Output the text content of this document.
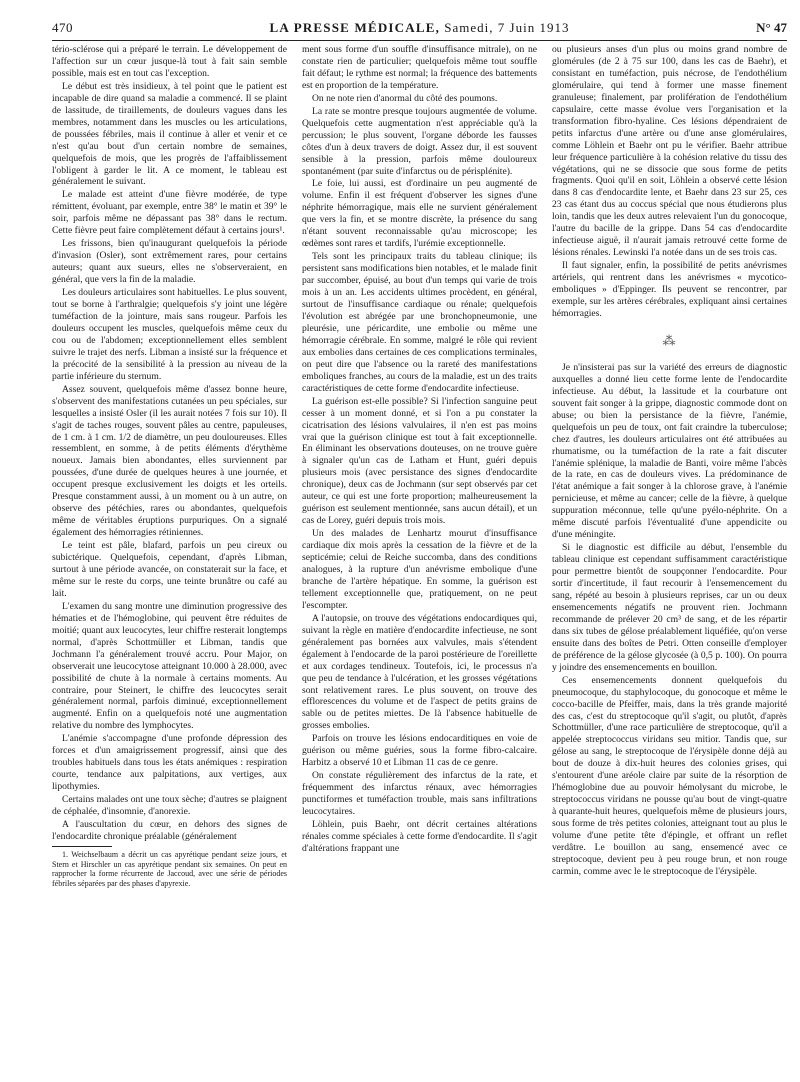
470	LA PRESSE MÉDICALE, Samedi, 7 Juin 1913	N° 47

tério-sclérose qui a préparé le terrain. Le développement de l'affection sur un cœur jusque-là tout à fait sain semble possible, mais est en tout cas l'exception.

Le début est très insidieux, à tel point que le patient est incapable de dire quand sa maladie a commencé. Il se plaint de lassitude, de tiraillements, de douleurs vagues dans les membres, notamment dans les muscles ou les articulations, de poussées fébriles, mais il continue à aller et venir et ce n'est qu'au bout d'un certain nombre de semaines, quelquefois de mois, que les progrès de l'affaiblissement l'obligent à garder le lit. A ce moment, le tableau est généralement le suivant.

Le malade est atteint d'une fièvre modérée, de type rémittent, évoluant, par exemple, entre 38° le matin et 39° le soir, parfois même ne dépassant pas 38° dans le rectum. Cette fièvre peut faire complètement défaut à certains jours¹.

Les frissons, bien qu'inaugurant quelquefois la période d'invasion (Osler), sont extrêmement rares, pour certains auteurs; quant aux sueurs, elles ne s'observeraient, en général, que vers la fin de la maladie.

Les douleurs articulaires sont habituelles. Le plus souvent, tout se borne à l'arthralgie; quelquefois s'y joint une légère tuméfaction de la jointure, mais sans rougeur. Parfois les douleurs occupent les muscles, quelquefois même ceux du cou ou de l'abdomen; exceptionnellement elles semblent suivre le trajet des nerfs. Libman a insisté sur la fréquence et la précocité de la sensibilité à la pression au niveau de la partie inférieure du sternum.

Assez souvent, quelquefois même d'assez bonne heure, s'observent des manifestations cutanées un peu spéciales, sur lesquelles a insisté Osler (il les aurait notées 7 fois sur 10). Il s'agit de taches rouges, souvent pâles au centre, papuleuses, de 1 cm. à 1 cm. 1/2 de diamètre, un peu douloureuses. Elles ressemblent, en somme, à de petits éléments d'érythème noueux. Jamais bien abondantes, elles surviennent par poussées, d'une durée de quelques heures à une journée, et occupent presque exclusivement les doigts et les orteils. Presque constamment aussi, à un moment ou à un autre, on observe des pétéchies, rares ou abondantes, quelquefois même de véritables éruptions purpuriques. On a signalé également des hémorragies rétiniennes.

Le teint est pâle, blafard, parfois un peu cireux ou subictérique. Quelquefois, cependant, d'après Libman, surtout à une période avancée, on constaterait sur la face, et même sur le reste du corps, une teinte brunâtre ou café au lait.

L'examen du sang montre une diminution progressive des hématies et de l'hémoglobine, qui peuvent être réduites de moitié; quant aux leucocytes, leur chiffre resterait longtemps normal, d'après Schottmüller et Libman, tandis que Jochmann l'a généralement trouvé accru. Pour Major, on observerait une leucocytose atteignant 10.000 à 28.000, avec possibilité de chute à la normale à certains moments. Au contraire, pour Steinert, le chiffre des leucocytes serait généralement normal, parfois diminué, exceptionnellement augmenté. Enfin on a quelquefois noté une augmentation relative du nombre des lymphocytes.

L'anémie s'accompagne d'une profonde dépression des forces et d'un amaigrissement progressif, ainsi que des troubles habituels dans tous les états anémiques : respiration courte, tendance aux palpitations, aux vertiges, aux lipothymies.

Certains malades ont une toux sèche; d'autres se plaignent de céphalée, d'insomnie, d'anorexie.

A l'auscultation du cœur, en dehors des signes de l'endocardite chronique préalable (généralement

1. Weichselbaum a décrit un cas apyrétique pendant seize jours, et Stern et Hirschler un cas apyrétique pendant six semaines. On peut en rapprocher la forme récurrente de Jaccoud, avec une série de périodes fébriles séparées par des phases d'apyrexie.

ment sous forme d'un souffle d'insuffisance mitrale), on ne constate rien de particulier; quelquefois même tout souffle fait défaut; le rythme est normal; la fréquence des battements est en proportion de la température.

On ne note rien d'anormal du côté des poumons.

La rate se montre presque toujours augmentée de volume. Quelquefois cette augmentation n'est appréciable qu'à la percussion; le plus souvent, l'organe déborde les fausses côtes d'un à deux travers de doigt. Assez dur, il est souvent sensible à la pression, parfois même douloureux spontanément (par suite d'infarctus ou de périsplénite).

Le foie, lui aussi, est d'ordinaire un peu augmenté de volume. Enfin il est fréquent d'observer les signes d'une néphrite hémorragique, mais elle ne survient généralement que vers la fin, et se montre discrète, la présence du sang n'étant souvent reconnaissable qu'au microscope; les œdèmes sont rares et tardifs, l'urémie exceptionnelle.

Tels sont les principaux traits du tableau clinique; ils persistent sans modifications bien notables, et le malade finit par succomber, épuisé, au bout d'un temps qui varie de trois mois à un an. Les accidents ultimes procèdent, en général, surtout de l'insuffisance cardiaque ou rénale; quelquefois l'évolution est abrégée par une bronchopneumonie, une pleurésie, une péricardite, une embolie ou même une hémorragie cérébrale. En somme, malgré le rôle qui revient aux embolies dans certaines de ces complications terminales, on peut dire que l'absence ou la rareté des manifestations emboliques franches, au cours de la maladie, est un des traits caractéristiques de cette forme d'endocardite infectieuse.

La guérison est-elle possible? Si l'infection sanguine peut cesser à un moment donné, et si l'on a pu constater la cicatrisation des lésions valvulaires, il n'en est pas moins vrai que la guérison clinique est tout à fait exceptionnelle. En éliminant les observations douteuses, on ne trouve guère à signaler qu'un cas de Latham et Hunt, guéri depuis plusieurs mois (avec persistance des signes d'endocardite chronique), deux cas de Jochmann (sur sept observés par cet auteur, ce qui est une forte proportion; malheureusement la guérison est seulement mentionnée, sans aucun détail), et un cas de Lorey, guéri depuis trois mois.

Un des malades de Lenhartz mourut d'insuffisance cardiaque dix mois après la cessation de la fièvre et de la septicémie; celui de Reiche succomba, dans des conditions analogues, à la rupture d'un anévrisme embolique d'une branche de l'artère hépatique. En somme, la guérison est tellement exceptionnelle que, pratiquement, on ne peut l'escompter.

A l'autopsie, on trouve des végétations endocardiques qui, suivant la règle en matière d'endocardite infectieuse, ne sont généralement pas bornées aux valvules, mais s'étendent également à l'endocarde de la paroi postérieure de l'oreillette et aux cordages tendineux. Toutefois, ici, le processus n'a que peu de tendance à l'ulcération, et les grosses végétations sont relativement rares. Le plus souvent, on trouve des efflorescences du volume et de l'aspect de petits grains de sable ou de petites miettes. De là l'absence habituelle de grosses embolies.

Parfois on trouve les lésions endocarditiques en voie de guérison ou même guéries, sous la forme fibro-calcaire. Harbitz a observé 10 et Libman 11 cas de ce genre.

On constate régulièrement des infarctus de la rate, et fréquemment des infarctus rénaux, avec hémorragies punctiformes et tuméfaction trouble, mais sans infiltrations leucocytaires.

Löhlein, puis Baehr, ont décrit certaines altérations rénales comme spéciales à cette forme d'endocardite. Il s'agit d'altérations frappant une

ou plusieurs anses d'un plus ou moins grand nombre de glomérules (de 2 à 75 sur 100, dans les cas de Baehr), et consistant en tuméfaction, puis nécrose, de l'endothélium glomérulaire, qui tend à former une masse finement granuleuse; finalement, par prolifération de l'endothélium capsulaire, cette masse évolue vers l'organisation et la transformation fibro-hyaline. Ces lésions dépendraient de petits infarctus d'une artère ou d'une anse glomérulaires, comme Löhlein et Baehr ont pu le vérifier. Baehr attribue leur fréquence particulière à la cohésion relative du tissu des végétations, qui ne se dissocie que sous forme de petits fragments. Quoi qu'il en soit, Löhlein a observé cette lésion dans 8 cas d'endocardite lente, et Baehr dans 23 sur 25, ces 23 cas étant dus au coccus spécial que nous étudierons plus loin, tandis que les deux autres relevaient l'un du gonocoque, l'autre du bacille de la grippe. Dans 54 cas d'endocardite infectieuse aiguë, il n'aurait jamais retrouvé cette forme de lésions rénales. Lewinski l'a notée dans un de ses trois cas.

Il faut signaler, enfin, la possibilité de petits anévrismes artériels, qui rentrent dans les anévrismes « mycotico-emboliques » d'Eppinger. Ils peuvent se rencontrer, par exemple, sur les artères cérébrales, expliquant ainsi certaines hémorragies.

⁂

Je n'insisterai pas sur la variété des erreurs de diagnostic auxquelles a donné lieu cette forme lente de l'endocardite infectieuse. Au début, la lassitude et la courbature ont souvent fait songer à la grippe, diagnostic commode dont on abuse; ou bien la persistance de la fièvre, l'anémie, quelquefois un peu de toux, ont fait craindre la tuberculose; chez d'autres, les douleurs articulaires ont été attribuées au rhumatisme, ou la tuméfaction de la rate a fait discuter l'anémie splénique, la maladie de Banti, voire même l'abcès de la rate, en cas de douleurs vives. La prédominance de l'état anémique a fait songer à la chlorose grave, à l'anémie pernicieuse, et même au cancer; celle de la fièvre, à quelque suppuration méconnue, telle qu'une pyélo-néphrite. On a même discuté parfois l'éventualité d'une appendicite ou d'une méningite.

Si le diagnostic est difficile au début, l'ensemble du tableau clinique est cependant suffisamment caractéristique pour permettre bientôt de soupçonner l'endocardite. Pour sortir d'incertitude, il faut recourir à l'ensemencement du sang, répété au besoin à plusieurs reprises, car un ou deux ensemencements négatifs ne prouvent rien. Jochmann recommande de prélever 20 cm³ de sang, et de les répartir dans six tubes de gélose préalablement liquéfiée, qu'on verse ensuite dans des boîtes de Petri. Otten conseille d'employer de préférence de la gélose glycosée (à 0,5 p. 100). On pourra y joindre des ensemencements en bouillon.

Ces ensemencements donnent quelquefois du pneumocoque, du staphylocoque, du gonocoque et même le cocco-bacille de Pfeiffer, mais, dans la très grande majorité des cas, c'est du streptocoque qu'il s'agit, ou plutôt, d'après Schottmüller, d'une race particulière de streptocoque, qu'il a appelée streptococcus viridans seu mitior. Tandis que, sur gélose au sang, le streptocoque de l'érysipèle donne déjà au bout de douze à dix-huit heures des colonies grises, qui s'entourent d'une aréole claire par suite de la résorption de l'hémoglobine due au pouvoir hémolysant du microbe, le streptococcus viridans ne pousse qu'au bout de vingt-quatre à quarante-huit heures, quelquefois même de plusieurs jours, sous forme de très petites colonies, atteignant tout au plus le volume d'une petite tête d'épingle, et offrant un reflet verdâtre. Le bouillon au sang, ensemencé avec ce streptocoque, devient peu à peu rouge brun, et non rouge carmin, comme avec le le streptocoque de l'érysipèle.
